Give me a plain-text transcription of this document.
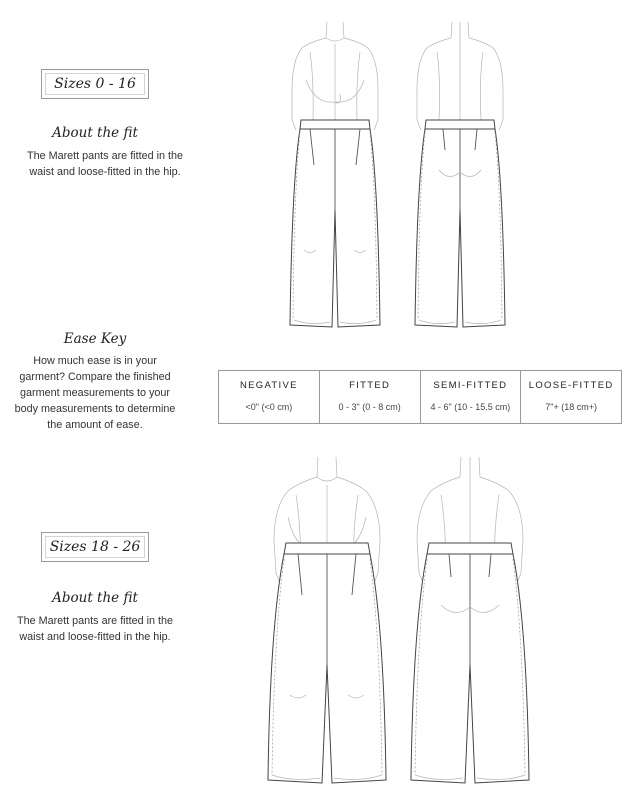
Sizes 0 - 16
About the fit
The Marett pants are fitted in the
waist and loose-fitted in the hip.
Ease Key
How much ease is in your
garment? Compare the finished
garment measurements to your
body measurements to determine
the amount of ease.
NEGATIVE
<0" (<0 cm)
FITTED
0 - 3" (0 - 8 cm)
SEMI-FITTED
4 - 6" (10 - 15.5 cm)
LOOSE-FITTED
7"+ (18 cm+)
Sizes 18 - 26
About the fit
The Marett pants are fitted in the
waist and loose-fitted in the hip.
